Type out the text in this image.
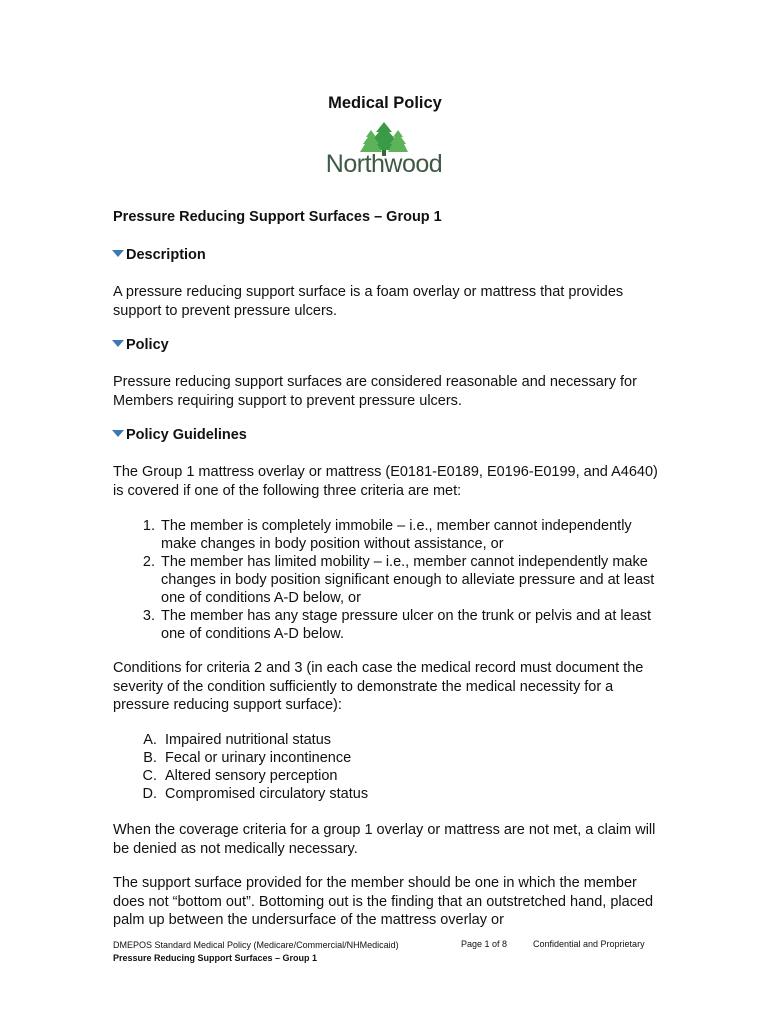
Medical Policy
Northwood
Pressure Reducing Support Surfaces – Group 1
Description

A pressure reducing support surface is a foam overlay or mattress that provides support to prevent pressure ulcers.

Policy

Pressure reducing support surfaces are considered reasonable and necessary for Members requiring support to prevent pressure ulcers.

Policy Guidelines

The Group 1 mattress overlay or mattress (E0181-E0189, E0196-E0199, and A4640) is covered if one of the following three criteria are met:

1. The member is completely immobile – i.e., member cannot independently make changes in body position without assistance, or
2. The member has limited mobility – i.e., member cannot independently make changes in body position significant enough to alleviate pressure and at least one of conditions A-D below, or
3. The member has any stage pressure ulcer on the trunk or pelvis and at least one of conditions A-D below.

Conditions for criteria 2 and 3 (in each case the medical record must document the severity of the condition sufficiently to demonstrate the medical necessity for a pressure reducing support surface):

A. Impaired nutritional status
B. Fecal or urinary incontinence
C. Altered sensory perception
D. Compromised circulatory status

When the coverage criteria for a group 1 overlay or mattress are not met, a claim will be denied as not medically necessary.

The support surface provided for the member should be one in which the member does not “bottom out”. Bottoming out is the finding that an outstretched hand, placed palm up between the undersurface of the mattress overlay or

DMEPOS Standard Medical Policy (Medicare/Commercial/NHMedicaid)
Pressure Reducing Support Surfaces – Group 1
Page 1 of 8	Confidential and Proprietary
